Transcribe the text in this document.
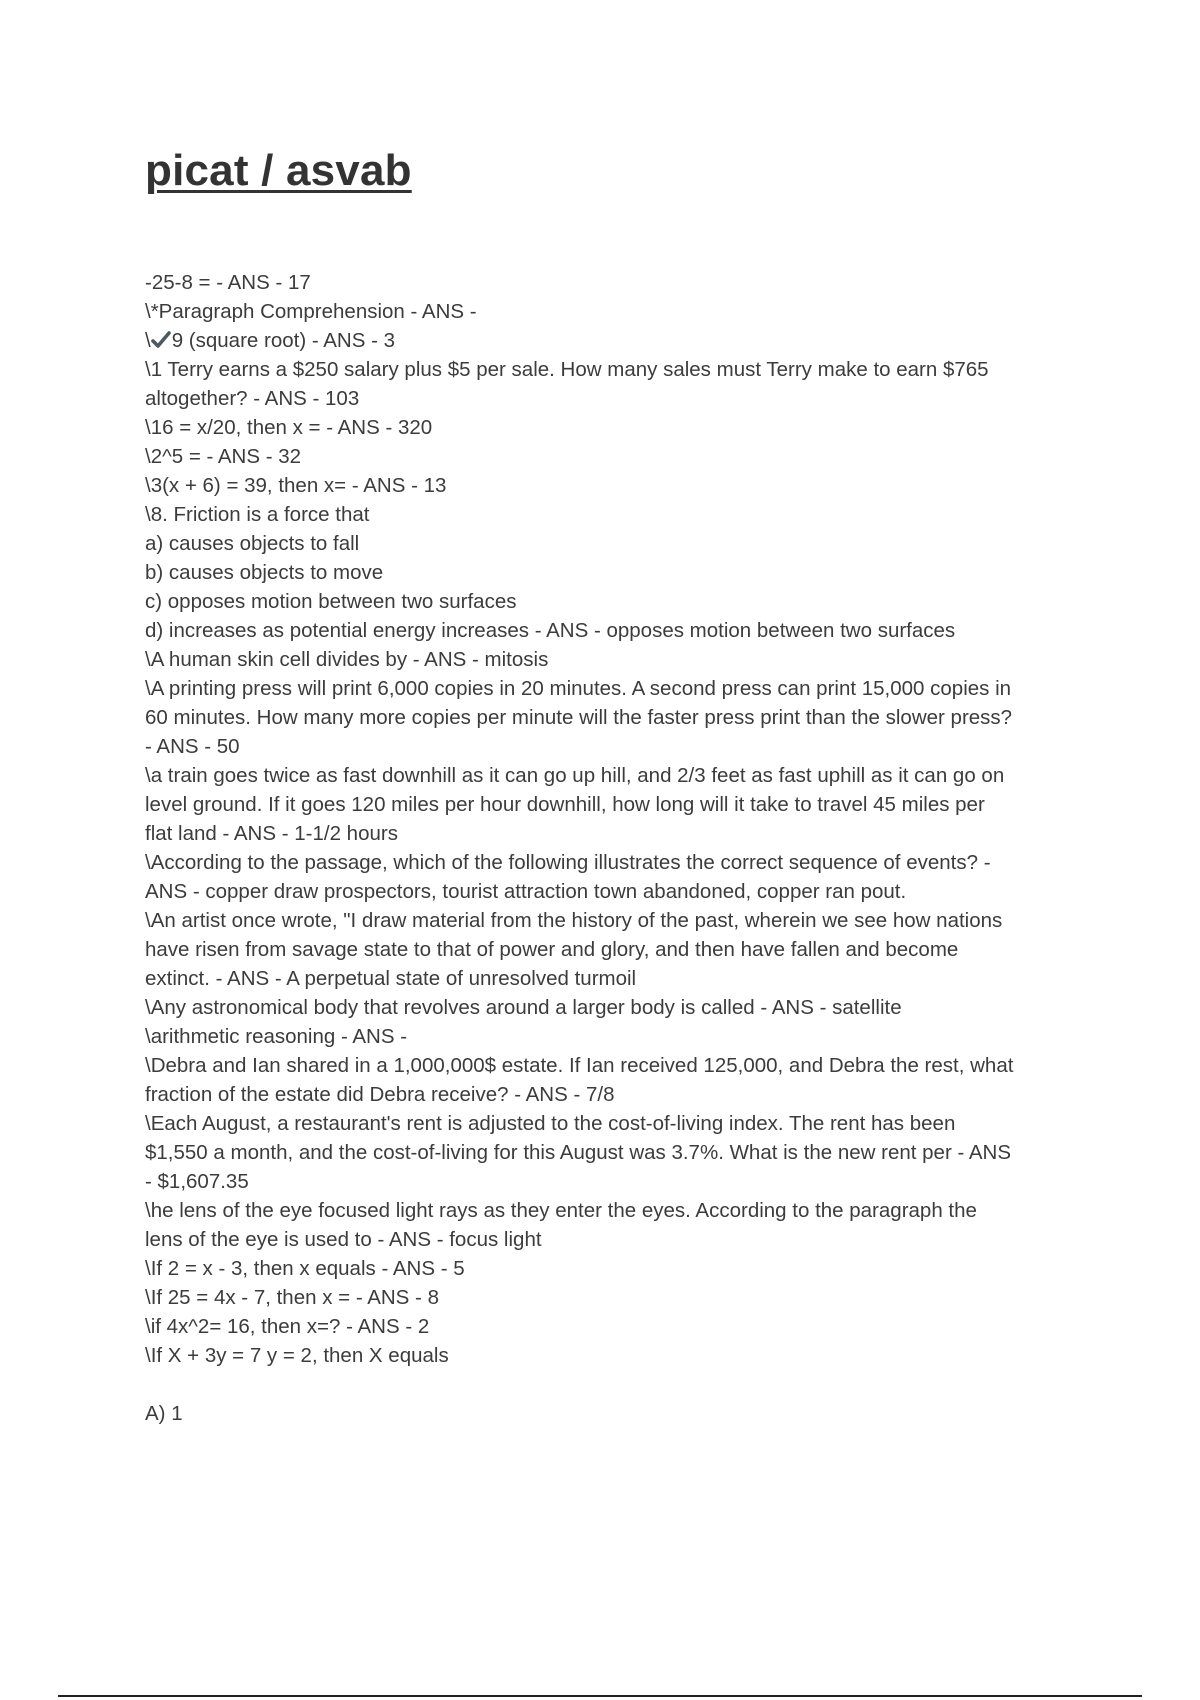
picat / asvab
-25-8 = - ANS - 17
\*Paragraph Comprehension - ANS -
\ 9 (square root) - ANS - 3
\1 Terry earns a $250 salary plus $5 per sale. How many sales must Terry make to earn $765
altogether? - ANS - 103
\16 = x/20, then x = - ANS - 320
\2^5 = - ANS - 32
\3(x + 6) = 39, then x= - ANS - 13
\8. Friction is a force that
a) causes objects to fall
b) causes objects to move
c) opposes motion between two surfaces
d) increases as potential energy increases - ANS - opposes motion between two surfaces
\A human skin cell divides by - ANS - mitosis
\A printing press will print 6,000 copies in 20 minutes. A second press can print 15,000 copies in
60 minutes. How many more copies per minute will the faster press print than the slower press?
- ANS - 50
\a train goes twice as fast downhill as it can go up hill, and 2/3 feet as fast uphill as it can go on
level ground. If it goes 120 miles per hour downhill, how long will it take to travel 45 miles per
flat land - ANS - 1-1/2 hours
\According to the passage, which of the following illustrates the correct sequence of events? -
ANS - copper draw prospectors, tourist attraction town abandoned, copper ran pout.
\An artist once wrote, "I draw material from the history of the past, wherein we see how nations
have risen from savage state to that of power and glory, and then have fallen and become
extinct. - ANS - A perpetual state of unresolved turmoil
\Any astronomical body that revolves around a larger body is called - ANS - satellite
\arithmetic reasoning - ANS -
\Debra and Ian shared in a 1,000,000$ estate. If Ian received 125,000, and Debra the rest, what
fraction of the estate did Debra receive? - ANS - 7/8
\Each August, a restaurant's rent is adjusted to the cost-of-living index. The rent has been
$1,550 a month, and the cost-of-living for this August was 3.7%. What is the new rent per - ANS
- $1,607.35
\he lens of the eye focused light rays as they enter the eyes. According to the paragraph the
lens of the eye is used to - ANS - focus light
\If 2 = x - 3, then x equals - ANS - 5
\If 25 = 4x - 7, then x = - ANS - 8
\if 4x^2= 16, then x=? - ANS - 2
\If X + 3y = 7 y = 2, then X equals
A) 1
